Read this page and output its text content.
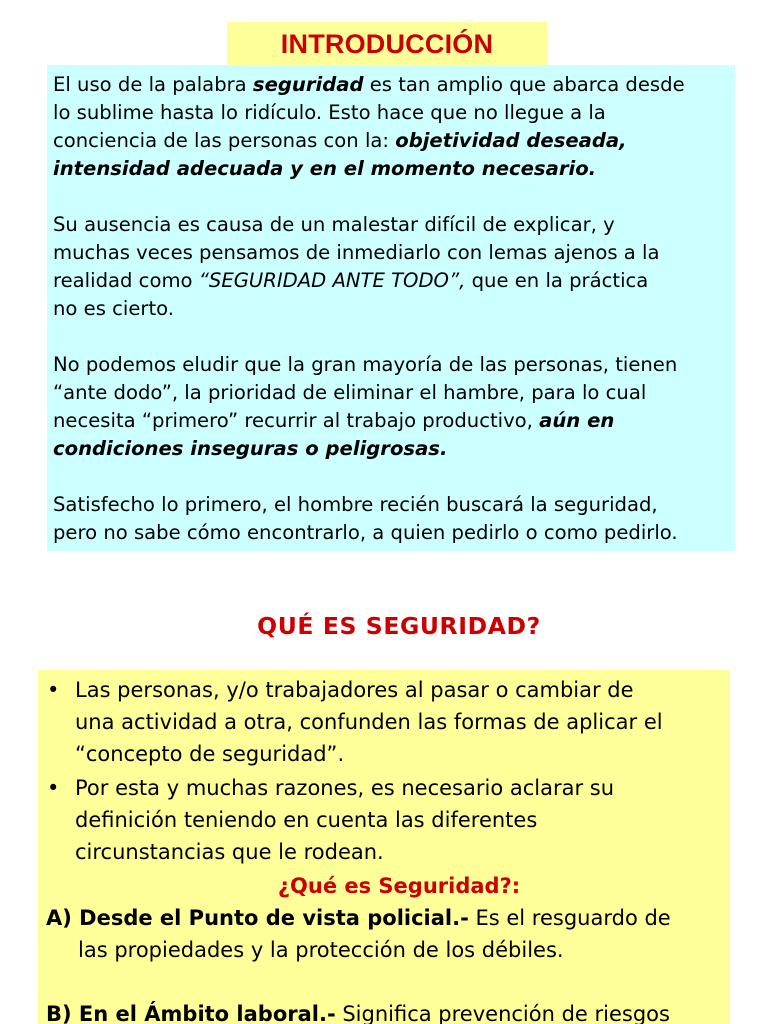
INTRODUCCIÓN

El uso de la palabra seguridad es tan amplio que abarca desde
lo sublime hasta lo ridículo. Esto hace que no llegue a la
conciencia de las personas con la: objetividad deseada,
intensidad adecuada y en el momento necesario.

Su ausencia es causa de un malestar difícil de explicar, y
muchas veces pensamos de inmediarlo con lemas ajenos a la
realidad como “SEGURIDAD ANTE TODO”, que en la práctica
no es cierto.

No podemos eludir que la gran mayoría de las personas, tienen
“ante dodo”, la prioridad de eliminar el hambre, para lo cual
necesita “primero” recurrir al trabajo productivo, aún en
condiciones inseguras o peligrosas.

Satisfecho lo primero, el hombre recién buscará la seguridad,
pero no sabe cómo encontrarlo, a quien pedirlo o como pedirlo.

QUÉ ES SEGURIDAD?
• Las personas, y/o trabajadores al pasar o cambiar de
una actividad a otra, confunden las formas de aplicar el
“concepto de seguridad”.
• Por esta y muchas razones, es necesario aclarar su
definición teniendo en cuenta las diferentes
circunstancias que le rodean.
¿Qué es Seguridad?:
A) Desde el Punto de vista policial.- Es el resguardo de
las propiedades y la protección de los débiles.
B) En el Ámbito laboral.- Significa prevención de riesgos
